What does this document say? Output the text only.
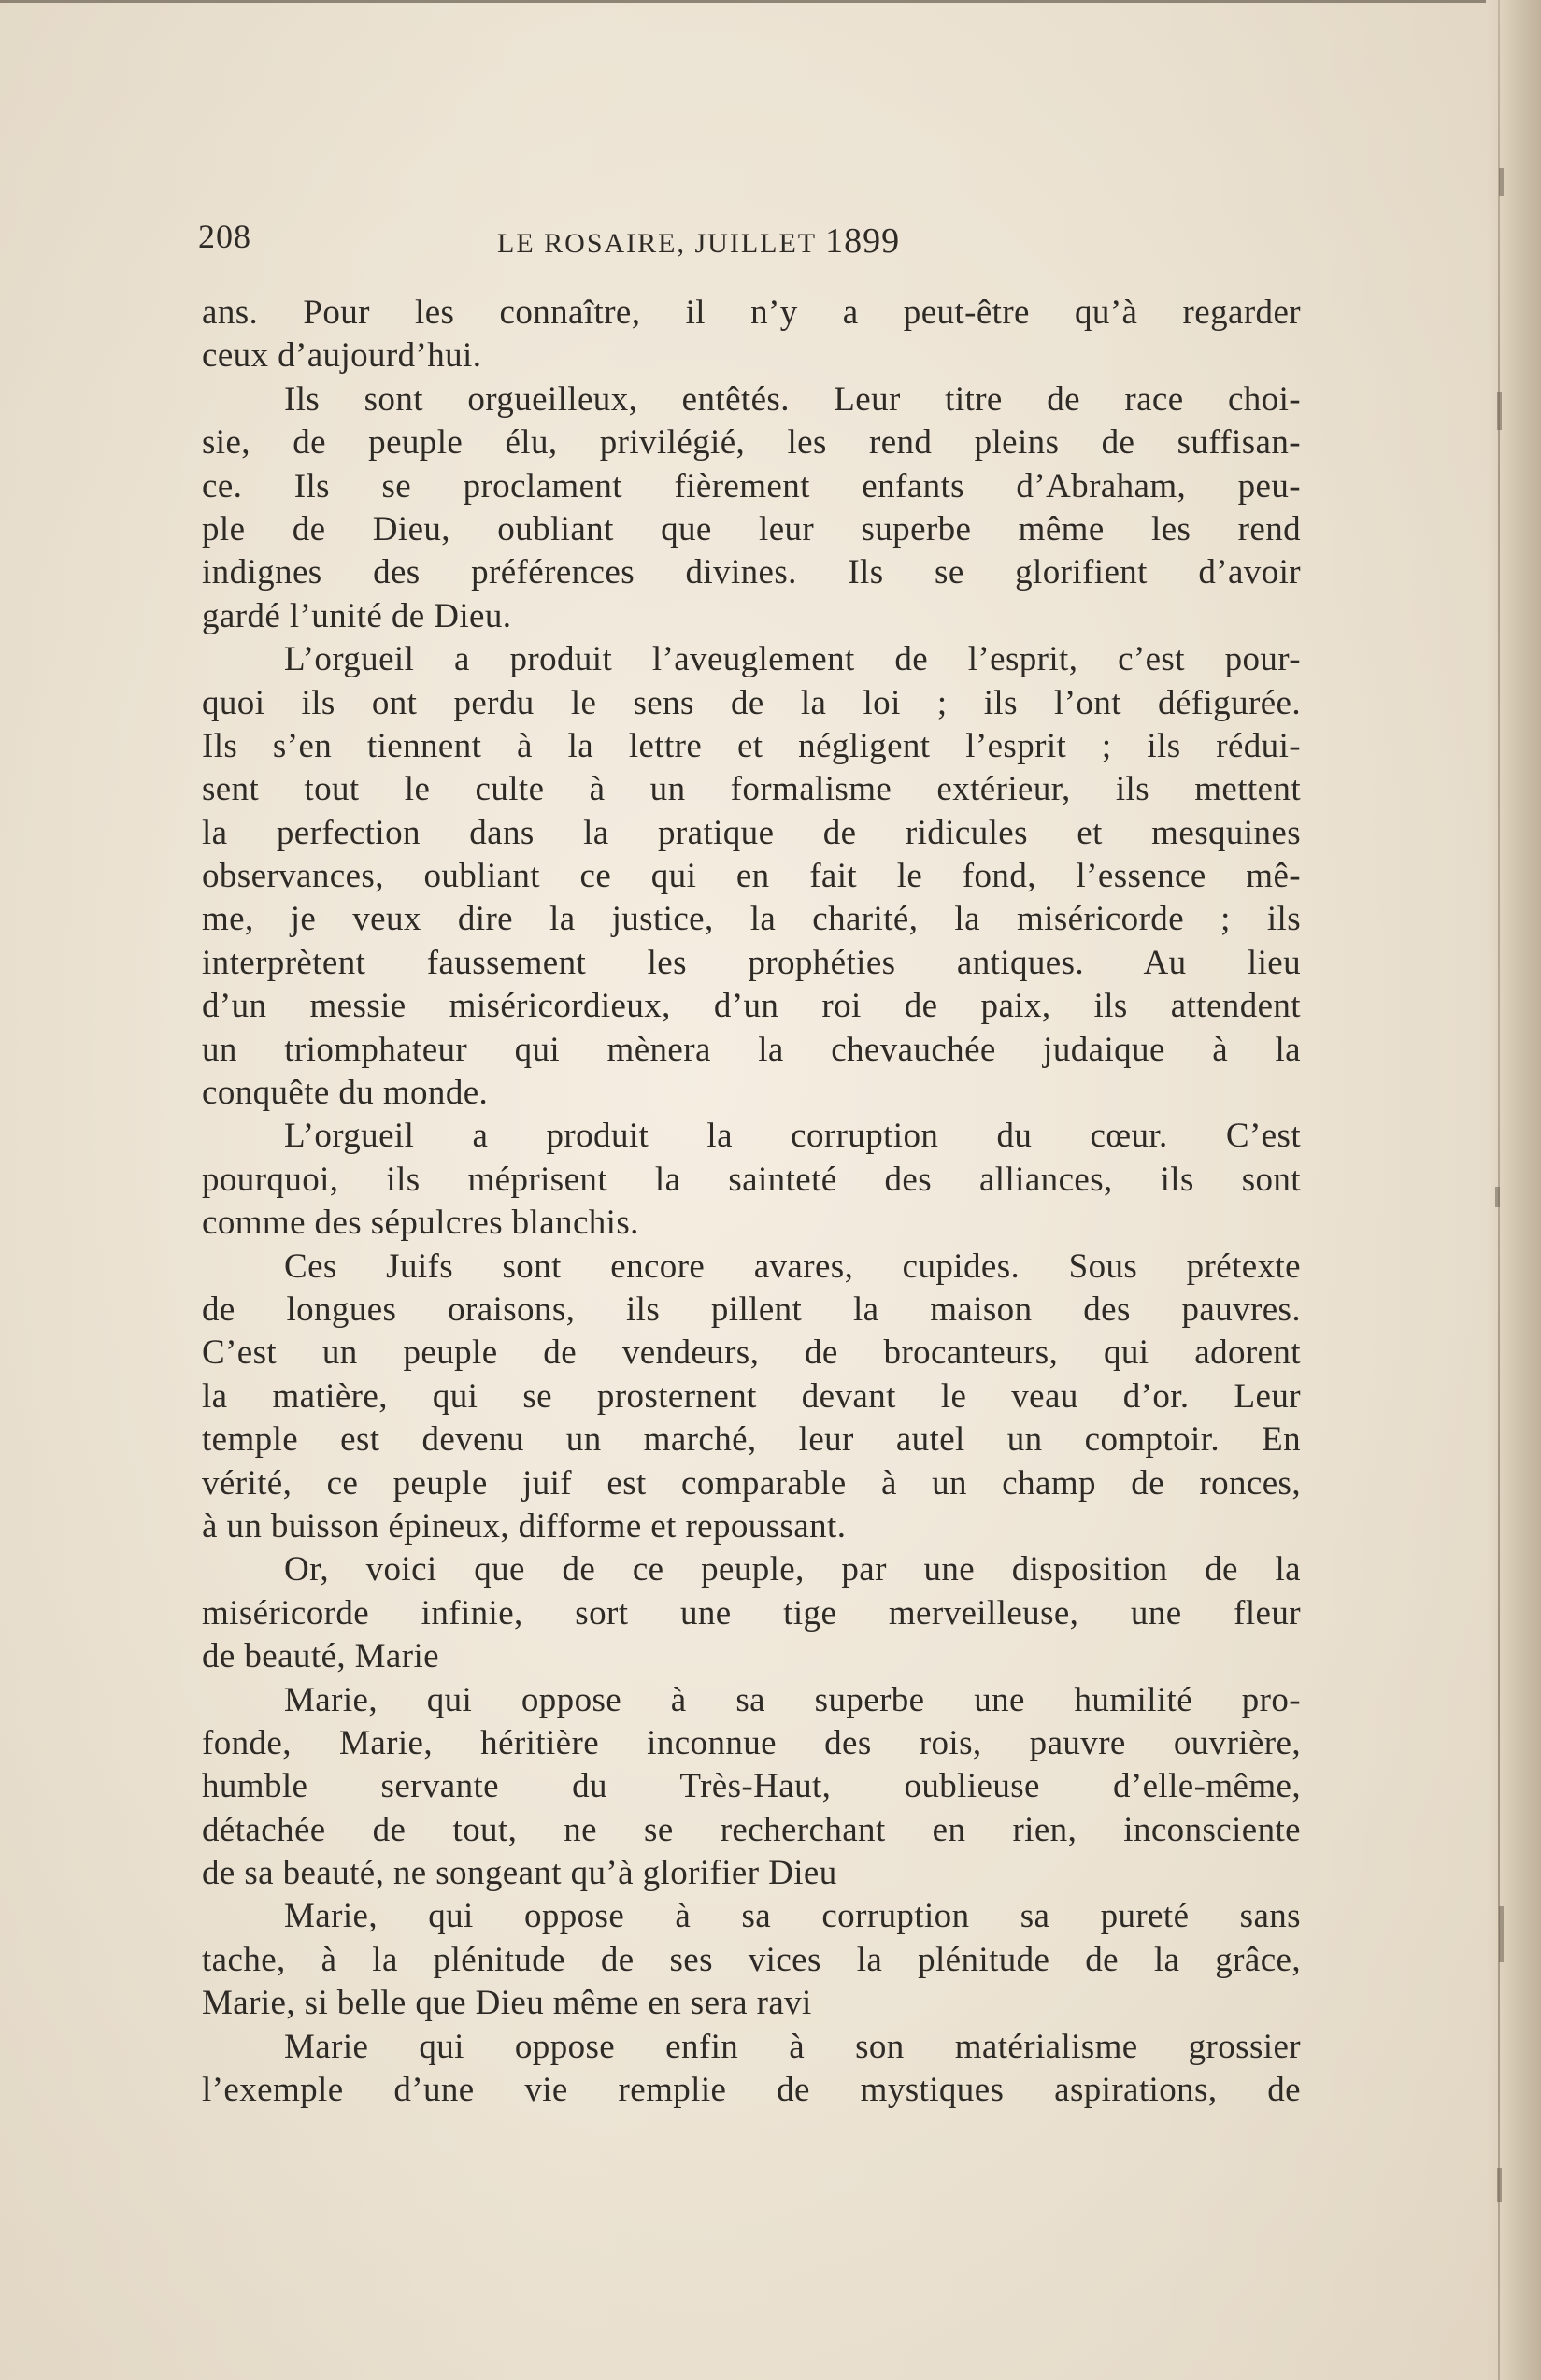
208	LE ROSAIRE, JUILLET 1899
ans. Pour les connaître, il n’y a peut-être qu’à regarder
ceux d’aujourd’hui.
Ils sont orgueilleux, entêtés. Leur titre de race choi-
sie, de peuple élu, privilégié, les rend pleins de suffisan-
ce. Ils se proclament fièrement enfants d’Abraham, peu-
ple de Dieu, oubliant que leur superbe même les rend
indignes des préférences divines. Ils se glorifient d’avoir
gardé l’unité de Dieu.
L’orgueil a produit l’aveuglement de l’esprit, c’est pour-
quoi ils ont perdu le sens de la loi ; ils l’ont défigurée.
Ils s’en tiennent à la lettre et négligent l’esprit ; ils rédui-
sent tout le culte à un formalisme extérieur, ils mettent
la perfection dans la pratique de ridicules et mesquines
observances, oubliant ce qui en fait le fond, l’essence mê-
me, je veux dire la justice, la charité, la miséricorde ; ils
interprètent faussement les prophéties antiques. Au lieu
d’un messie miséricordieux, d’un roi de paix, ils attendent
un triomphateur qui mènera la chevauchée judaique à la
conquête du monde.
L’orgueil a produit la corruption du cœur. C’est
pourquoi, ils méprisent la sainteté des alliances, ils sont
comme des sépulcres blanchis.
Ces Juifs sont encore avares, cupides. Sous prétexte
de longues oraisons, ils pillent la maison des pauvres.
C’est un peuple de vendeurs, de brocanteurs, qui adorent
la matière, qui se prosternent devant le veau d’or. Leur
temple est devenu un marché, leur autel un comptoir. En
vérité, ce peuple juif est comparable à un champ de ronces,
à un buisson épineux, difforme et repoussant.
Or, voici que de ce peuple, par une disposition de la
miséricorde infinie, sort une tige merveilleuse, une fleur
de beauté, Marie
Marie, qui oppose à sa superbe une humilité pro-
fonde, Marie, héritière inconnue des rois, pauvre ouvrière,
humble servante du Très-Haut, oublieuse d’elle-même,
détachée de tout, ne se recherchant en rien, inconsciente
de sa beauté, ne songeant qu’à glorifier Dieu
Marie, qui oppose à sa corruption sa pureté sans
tache, à la plénitude de ses vices la plénitude de la grâce,
Marie, si belle que Dieu même en sera ravi
Marie qui oppose enfin à son matérialisme grossier
l’exemple d’une vie remplie de mystiques aspirations, de
